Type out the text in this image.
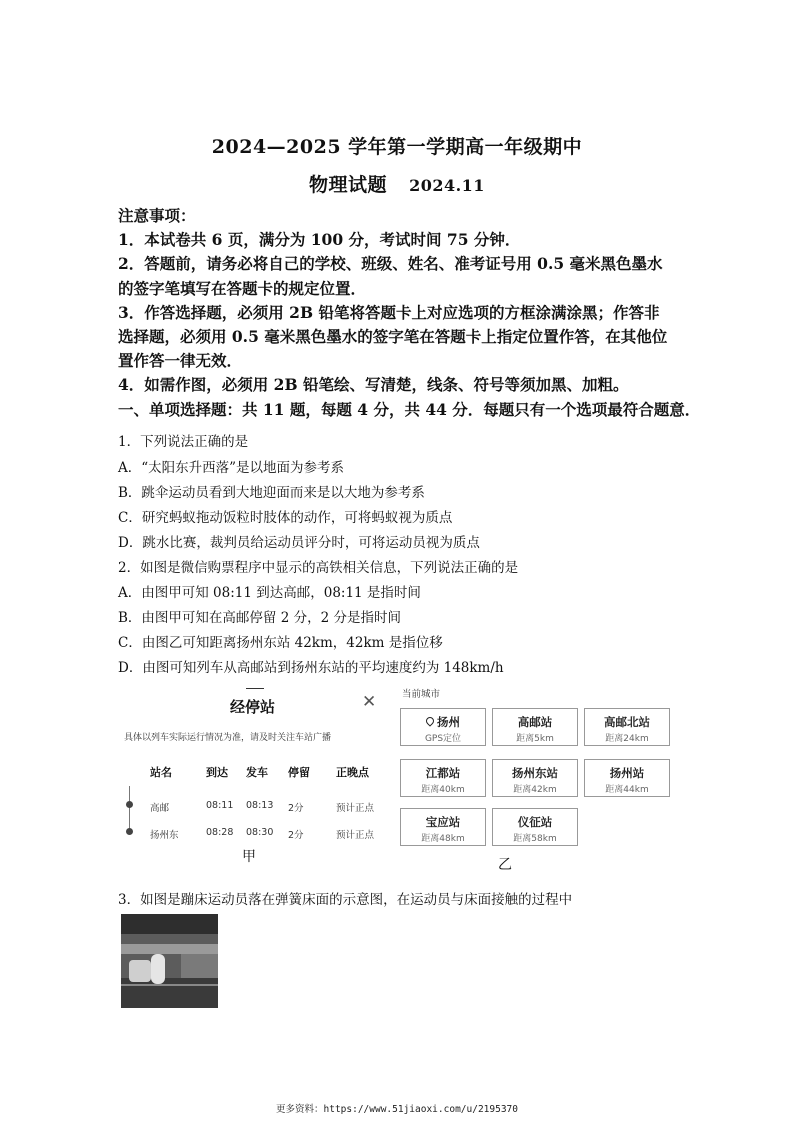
2024—2025 学年第一学期高一年级期中
物理试题 2024.11
注意事项：
1．本试卷共 6 页，满分为 100 分，考试时间 75 分钟．
2．答题前，请务必将自己的学校、班级、姓名、准考证号用 0.5 毫米黑色墨水
的签字笔填写在答题卡的规定位置．
3．作答选择题，必须用 2B 铅笔将答题卡上对应选项的方框涂满涂黑；作答非
选择题，必须用 0.5 毫米黑色墨水的签字笔在答题卡上指定位置作答，在其他位
置作答一律无效．
4．如需作图，必须用 2B 铅笔绘、写清楚，线条、符号等须加黑、加粗。
一、单项选择题：共 11 题，每题 4 分，共 44 分．每题只有一个选项最符合题意．
1．下列说法正确的是
A．“太阳东升西落”是以地面为参考系
B．跳伞运动员看到大地迎面而来是以大地为参考系
C．研究蚂蚁拖动饭粒时肢体的动作，可将蚂蚁视为质点
D．跳水比赛，裁判员给运动员评分时，可将运动员视为质点
2．如图是微信购票程序中显示的高铁相关信息，下列说法正确的是
A．由图甲可知 08:11 到达高邮，08:11 是指时间
B．由图甲可知在高邮停留 2 分，2 分是指时间
C．由图乙可知距离扬州东站 42km，42km 是指位移
D．由图可知列车从高邮站到扬州东站的平均速度约为 148km/h
经停站	✕
具体以列车实际运行情况为准，请及时关注车站广播
站名	到达 发车 停留 正晚点
高邮	08:11 08:13 2分	预计正点
扬州东	08:28 08:30 2分	预计正点
甲
当前城市
扬州
GPS定位
高邮站
距离5km
高邮北站
距离24km
江都站
距离40km
扬州东站
距离42km
扬州站
距离44km
宝应站
距离48km
仪征站
距离58km
乙
3．如图是蹦床运动员落在弹簧床面的示意图，在运动员与床面接触的过程中
更多资料：https://www.51jiaoxi.com/u/2195370
